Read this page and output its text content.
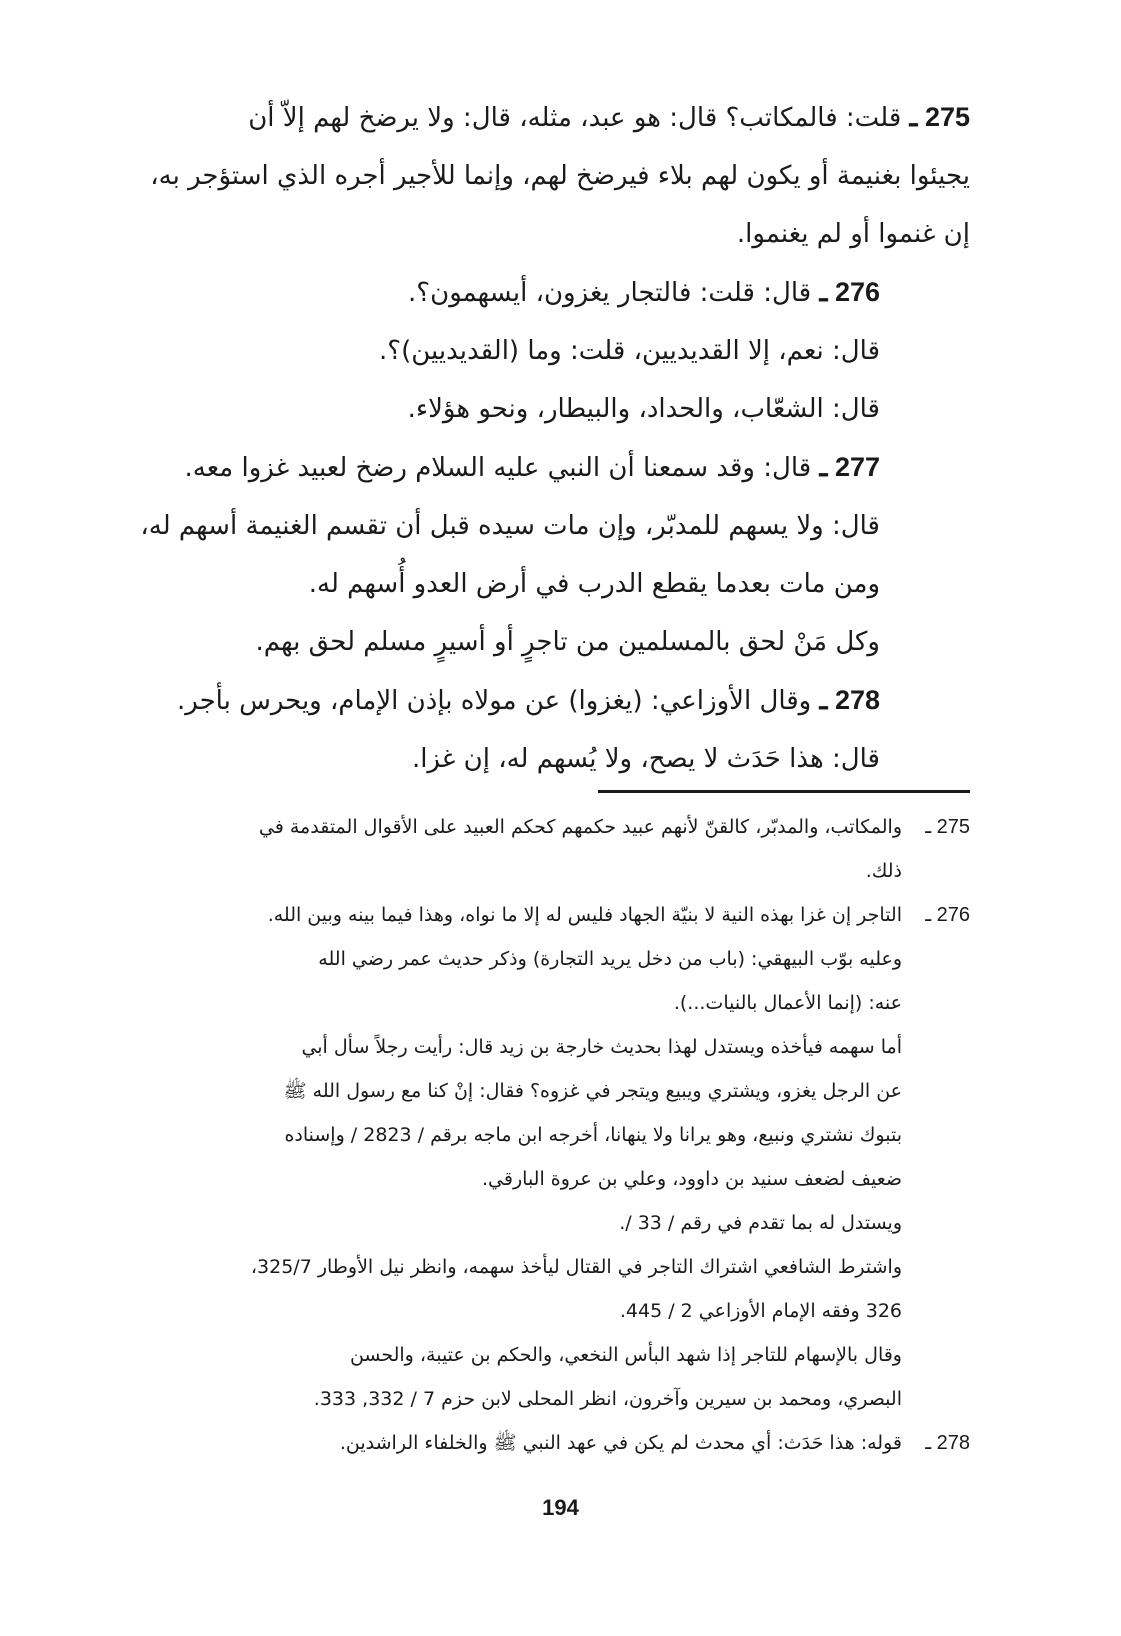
275 ـ قلت: فالمكاتب؟ قال: هو عبد، مثله، قال: ولا يرضخ لهم إلاّ أن
يجيئوا بغنيمة أو يكون لهم بلاء فيرضخ لهم، وإنما للأجير أجره الذي استؤجر به،
إن غنموا أو لم يغنموا.
276 ـ قال: قلت: فالتجار يغزون، أيسهمون؟.
قال: نعم، إلا القديديين، قلت: وما (القديديين)؟.
قال: الشعّاب، والحداد، والبيطار، ونحو هؤلاء.
277 ـ قال: وقد سمعنا أن النبي عليه السلام رضخ لعبيد غزوا معه.
قال: ولا يسهم للمدبّر، وإن مات سيده قبل أن تقسم الغنيمة أسهم له،
ومن مات بعدما يقطع الدرب في أرض العدو أُسهم له.
وكل مَنْ لحق بالمسلمين من تاجرٍ أو أسيرٍ مسلم لحق بهم.
278 ـ وقال الأوزاعي: (يغزوا) عن مولاه بإذن الإمام، ويحرس بأجر.
قال: هذا حَدَث لا يصح، ولا يُسهم له، إن غزا.
275 ـ
والمكاتب، والمدبّر، كالقنّ لأنهم عبيد حكمهم كحكم العبيد على الأقوال المتقدمة في
ذلك.
276 ـ
التاجر إن غزا بهذه النية لا بنيّة الجهاد فليس له إلا ما نواه، وهذا فيما بينه وبين الله.
وعليه بوّب البيهقي: (باب من دخل يريد التجارة) وذكر حديث عمر رضي الله
عنه: (إنما الأعمال بالنيات...).
أما سهمه فيأخذه ويستدل لهذا بحديث خارجة بن زيد قال: رأيت رجلاً سأل أبي
عن الرجل يغزو، ويشتري ويبيع ويتجر في غزوه؟ فقال: إنْ كنا مع رسول الله ﷺ
بتبوك نشتري ونبيع، وهو يرانا ولا ينهانا، أخرجه ابن ماجه برقم / 2823 / وإسناده
ضعيف لضعف سنيد بن داوود، وعلي بن عروة البارقي.
ويستدل له بما تقدم في رقم / 33 /.
واشترط الشافعي اشتراك التاجر في القتال ليأخذ سهمه، وانظر نيل الأوطار 325/7،
326 وفقه الإمام الأوزاعي 2 / 445.
وقال بالإسهام للتاجر إذا شهد البأس النخعي، والحكم بن عتيبة، والحسن
البصري، ومحمد بن سيرين وآخرون، انظر المحلى لابن حزم 7 / 332, 333.
278 ـ
قوله: هذا حَدَث: أي محدث لم يكن في عهد النبي ﷺ والخلفاء الراشدين.
194
